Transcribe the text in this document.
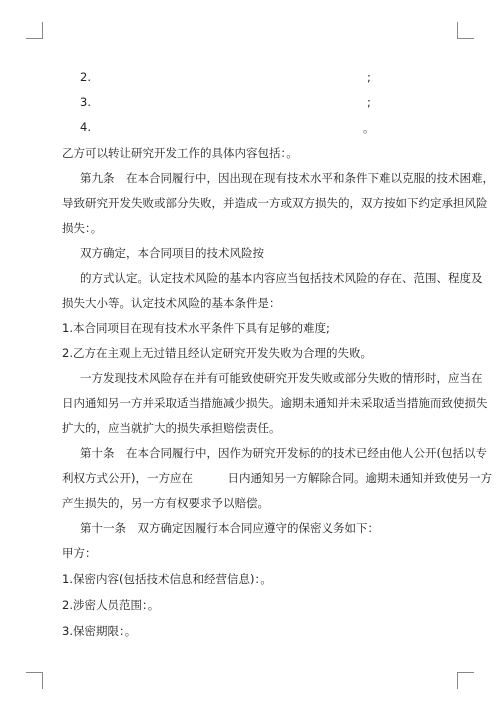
2.	;
3.	;
4.	。
乙方可以转让研究开发工作的具体内容包括：。
第九条　在本合同履行中，因出现在现有技术水平和条件下难以克服的技术困难，
导致研究开发失败或部分失败，并造成一方或双方损失的，双方按如下约定承担风险
损失：。
双方确定，本合同项目的技术风险按
的方式认定。认定技术风险的基本内容应当包括技术风险的存在、范围、程度及
损失大小等。认定技术风险的基本条件是：
1.本合同项目在现有技术水平条件下具有足够的难度;
2.乙方在主观上无过错且经认定研究开发失败为合理的失败。
一方发现技术风险存在并有可能致使研究开发失败或部分失败的情形时，应当在
日内通知另一方并采取适当措施减少损失。逾期未通知并未采取适当措施而致使损失
扩大的，应当就扩大的损失承担赔偿责任。
第十条　在本合同履行中，因作为研究开发标的的技术已经由他人公开(包括以专
利权方式公开)，一方应在　　　日内通知另一方解除合同。逾期未通知并致使另一方
产生损失的，另一方有权要求予以赔偿。
第十一条　双方确定因履行本合同应遵守的保密义务如下：
甲方：
1.保密内容(包括技术信息和经营信息)：。
2.涉密人员范围：。
3.保密期限：。
